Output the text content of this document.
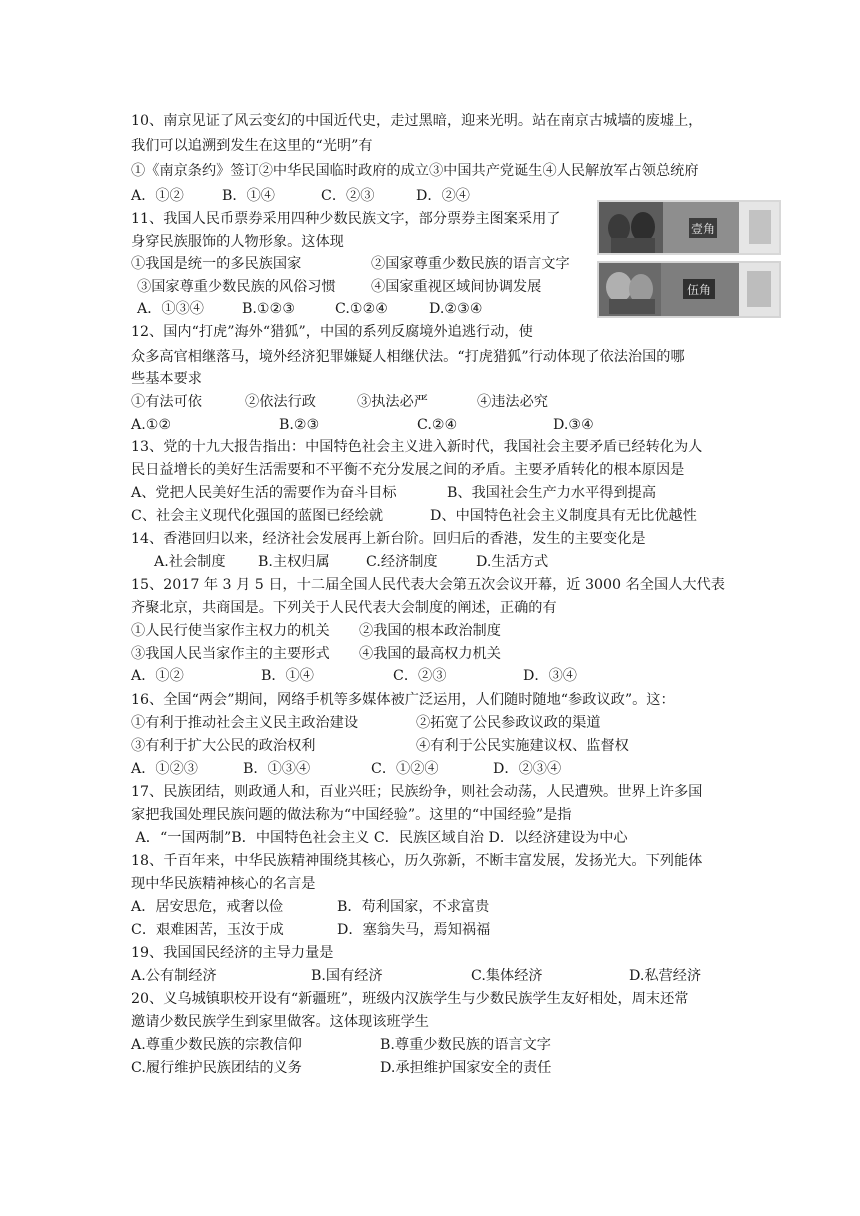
10、南京见证了风云变幻的中国近代史，走过黑暗，迎来光明。站在南京古城墙的废墟上，
我们可以追溯到发生在这里的“光明”有
①《南京条约》签订②中华民国临时政府的成立③中国共产党诞生④人民解放军占领总统府

A．①②

	B．①④

	C．②③

	D．②④

11、我国人民币票券采用四种少数民族文字，部分票券主图案采用了
身穿民族服饰的人物形象。这体现

①我国是统一的多民族国家

	②国家尊重少数民族的语言文字

③国家尊重少数民族的风俗习惯

④国家重视区域间协调发展

A．①③④

	B.①②③

	C.①②④

	D.②③④

壹角
伍角
12、国内“打虎”海外“猎狐”，中国的系列反腐境外追逃行动，使
众多高官相继落马，境外经济犯罪嫌疑人相继伏法。“打虎猎狐”行动体现了依法治国的哪
些基本要求

①有法可依

	②依法行政

	③执法必严

	④违法必究

A.①②

	B.②③

	C.②④

	D.③④

13、党的十九大报告指出：中国特色社会主义进入新时代，我国社会主要矛盾已经转化为人
民日益增长的美好生活需要和不平衡不充分发展之间的矛盾。主要矛盾转化的根本原因是

A、党把人民美好生活的需要作为奋斗目标

	B、我国社会生产力水平得到提高

C、社会主义现代化强国的蓝图已经绘就

	D、中国特色社会主义制度具有无比优越性

14、香港回归以来，经济社会发展再上新台阶。回归后的香港，发生的主要变化是

A.社会制度

B.主权归属

	C.经济制度

	D.生活方式

15、2017 年 3 月 5 日，十二届全国人民代表大会第五次会议开幕，近 3000 名全国人大代表
齐聚北京，共商国是。下列关于人民代表大会制度的阐述，正确的有

①人民行使当家作主权力的机关

②我国的根本政治制度

③我国人民当家作主的主要形式

④我国的最高权力机关

A．①②

	B．①④

	C．②③

	D．③④

16、全国“两会”期间，网络手机等多媒体被广泛运用，人们随时随地“参政议政”。这：

①有利于推动社会主义民主政治建设

	②拓宽了公民参政议政的渠道

③有利于扩大公民的政治权利

	④有利于公民实施建议权、监督权

A．①②③

	B．①③④

	C．①②④

	D．②③④

17、民族团结，则政通人和，百业兴旺；民族纷争，则社会动荡，人民遭殃。世界上许多国
家把我国处理民族问题的做法称为“中国经验”。这里的“中国经验”是指
A．“一国两制”B．中国特色社会主义 C．民族区域自治 D．以经济建设为中心
18、千百年来，中华民族精神围绕其核心，历久弥新，不断丰富发展，发扬光大。下列能体
现中华民族精神核心的名言是

A．居安思危，戒奢以俭

	B．苟利国家，不求富贵

C．艰难困苦，玉汝于成

	D．塞翁失马，焉知祸福

19、我国国民经济的主导力量是

A.公有制经济

	B.国有经济

	C.集体经济

	D.私营经济

20、义乌城镇职校开设有“新疆班”，班级内汉族学生与少数民族学生友好相处，周末还常
邀请少数民族学生到家里做客。这体现该班学生

A.尊重少数民族的宗教信仰

	B.尊重少数民族的语言文字

C.履行维护民族团结的义务

	D.承担维护国家安全的责任
